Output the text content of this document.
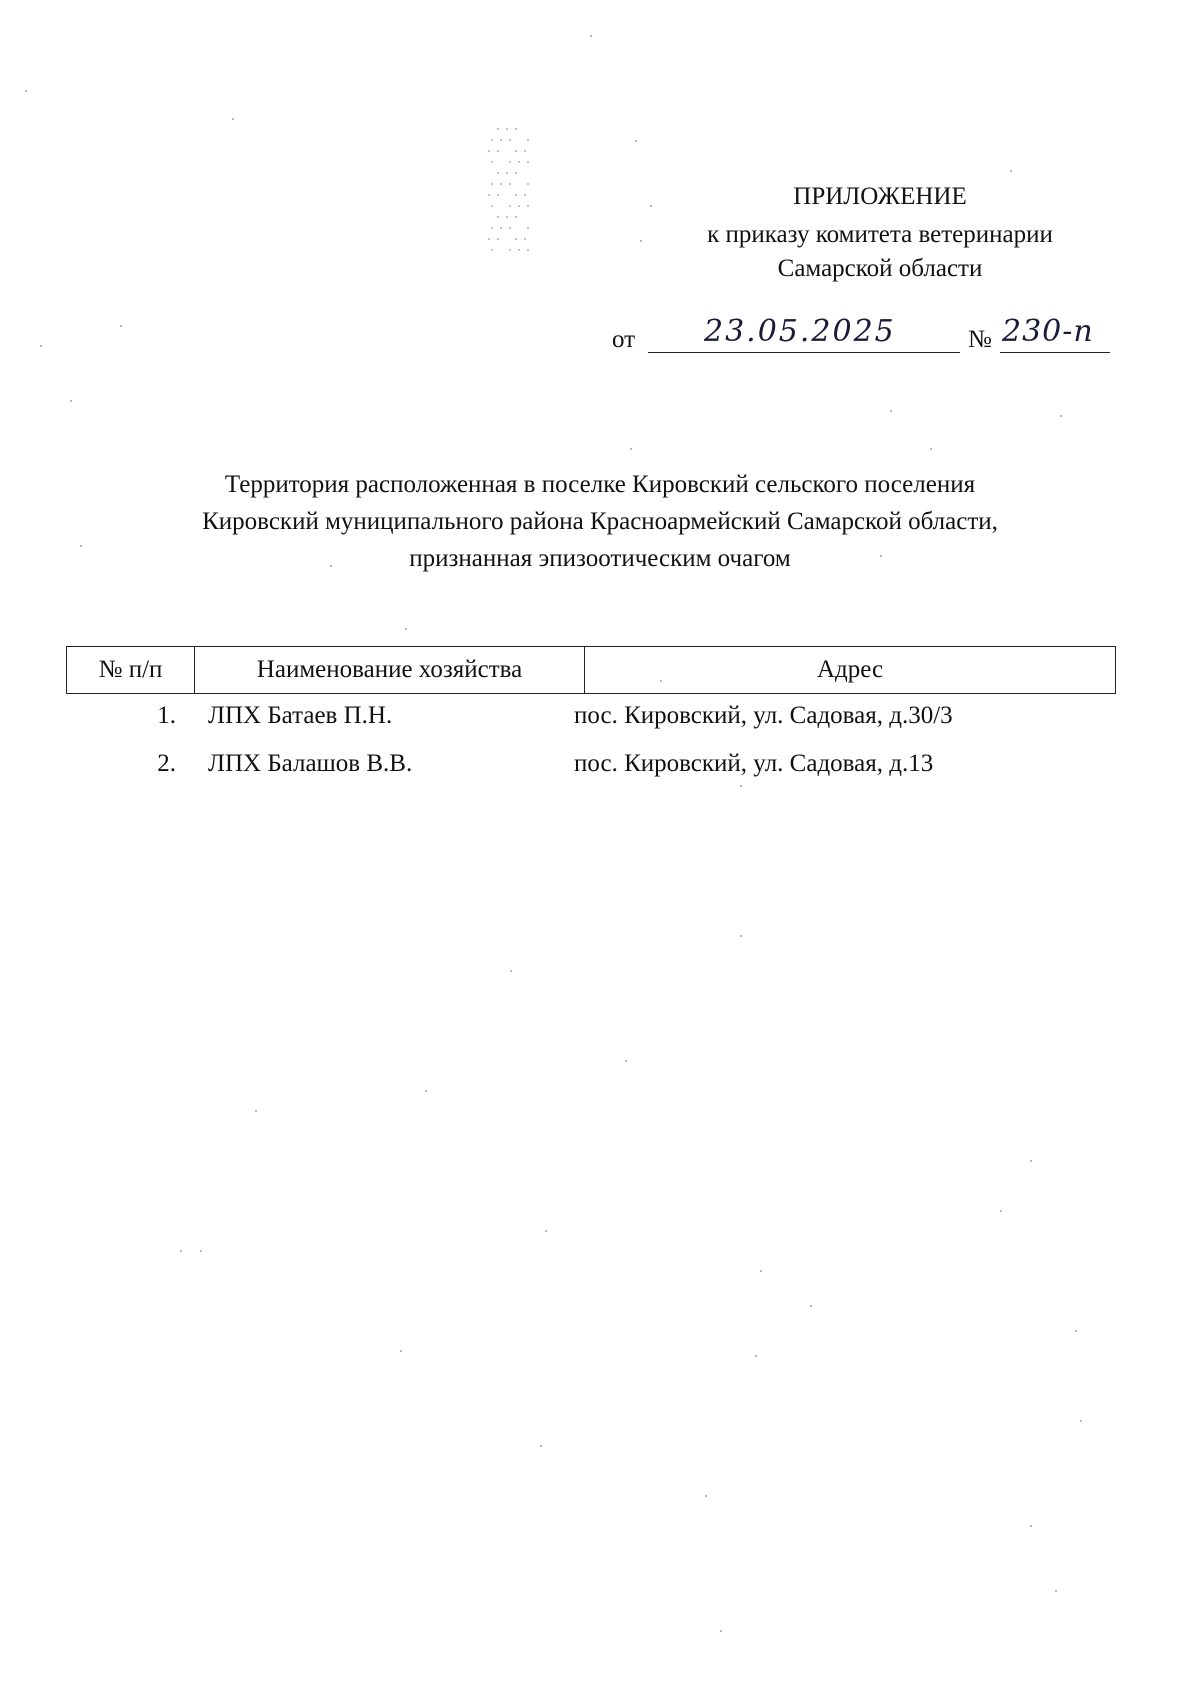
ПРИЛОЖЕНИЕ
к приказу комитета ветеринарии
Самарской области
от 23.05.2025	№ 230-п
Территория расположенная в поселке Кировский сельского поселения
Кировский муниципального района Красноармейский Самарской области,
признанная эпизоотическим очагом
№ п/п	Наименование хозяйства	Адрес
1. ЛПХ Батаев П.Н.	пос. Кировский, ул. Садовая, д.30/3
2. ЛПХ Балашов В.В.	пос. Кировский, ул. Садовая, д.13
